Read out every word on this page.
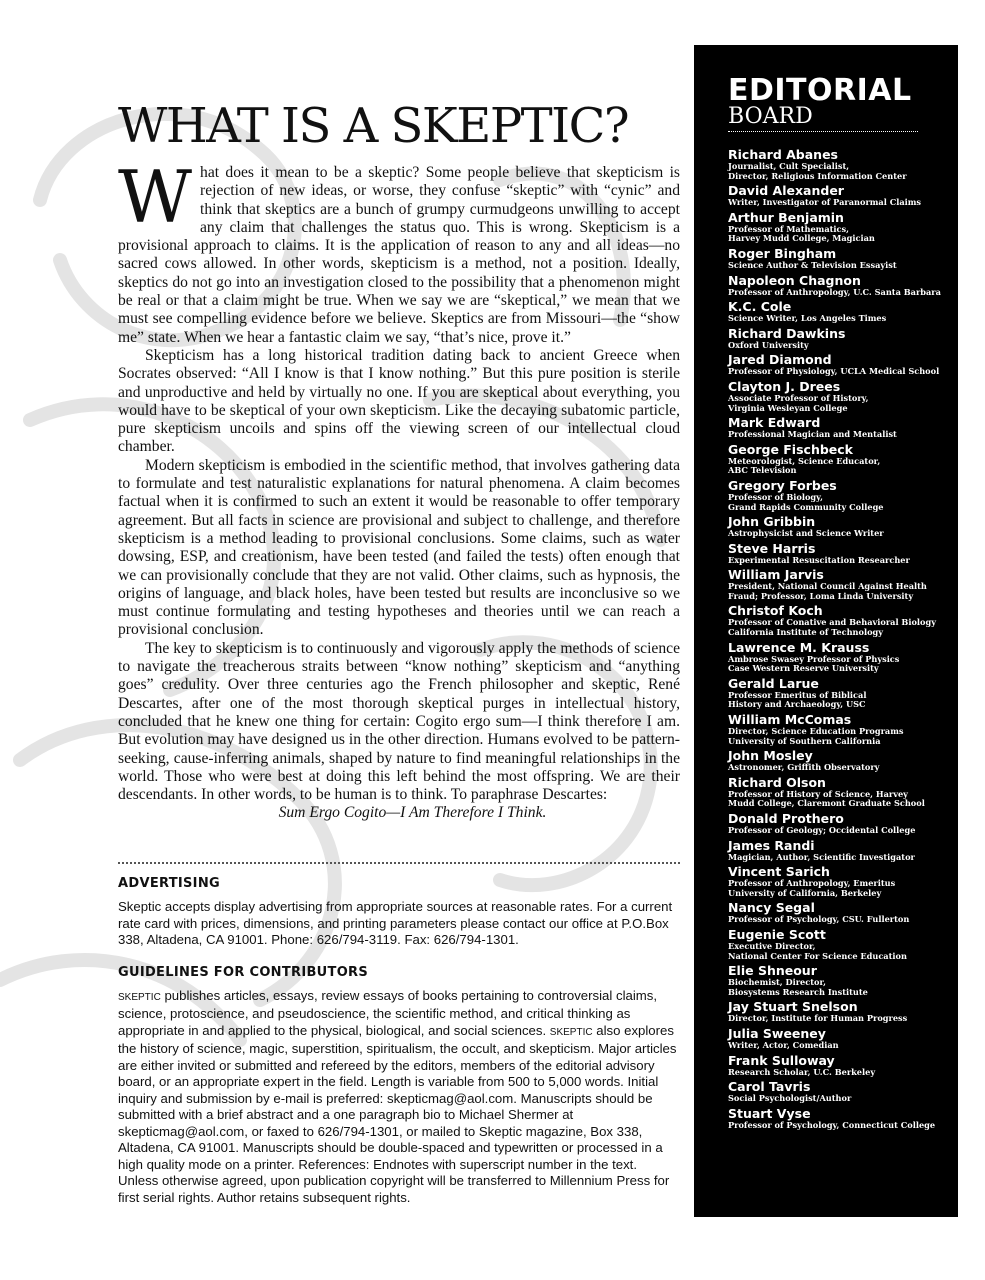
WHAT IS A SKEPTIC?

What does it mean to be a skeptic? Some people believe that skepticism is rejection of new ideas, or worse, they confuse “skeptic” with “cynic” and think that skeptics are a bunch of grumpy curmudgeons unwilling to accept any claim that challenges the status quo. This is wrong. Skepticism is a provisional approach to claims. It is the application of reason to any and all ideas—no sacred cows allowed. In other words, skepticism is a method, not a position. Ideally, skeptics do not go into an investigation closed to the possibility that a phenomenon might be real or that a claim might be true. When we say we are “skeptical,” we mean that we must see compelling evidence before we believe. Skeptics are from Missouri—the “show me” state. When we hear a fantastic claim we say, “that’s nice, prove it.”

Skepticism has a long historical tradition dating back to ancient Greece when Socrates observed: “All I know is that I know nothing.” But this pure position is sterile and unproductive and held by virtually no one. If you are skeptical about everything, you would have to be skeptical of your own skepticism. Like the decaying subatomic particle, pure skepticism uncoils and spins off the viewing screen of our intellectual cloud chamber.

Modern skepticism is embodied in the scientific method, that involves gathering data to formulate and test naturalistic explanations for natural phenomena. A claim becomes factual when it is confirmed to such an extent it would be reasonable to offer temporary agreement. But all facts in science are provisional and subject to challenge, and therefore skepticism is a method leading to provisional conclusions. Some claims, such as water dowsing, ESP, and creationism, have been tested (and failed the tests) often enough that we can provisionally conclude that they are not valid. Other claims, such as hypnosis, the origins of language, and black holes, have been tested but results are inconclusive so we must continue formulating and testing hypotheses and theories until we can reach a provisional conclusion.

The key to skepticism is to continuously and vigorously apply the methods of science to navigate the treacherous straits between “know nothing” skepticism and “anything goes” credulity. Over three centuries ago the French philosopher and skeptic, René Descartes, after one of the most thorough skeptical purges in intellectual history, concluded that he knew one thing for certain: Cogito ergo sum—I think therefore I am. But evolution may have designed us in the other direction. Humans evolved to be pattern-seeking, cause-inferring animals, shaped by nature to find meaningful relationships in the world. Those who were best at doing this left behind the most offspring. We are their descendants. In other words, to be human is to think. To paraphrase Descartes:

Sum Ergo Cogito—I Am Therefore I Think.

ADVERTISING

Skeptic accepts display advertising from appropriate sources at reasonable rates. For a current rate card with prices, dimensions, and printing parameters please contact our office at P.O.Box 338, Altadena, CA 91001. Phone: 626/794-3119. Fax: 626/794-1301.

GUIDELINES FOR CONTRIBUTORS

SKEPTIC publishes articles, essays, review essays of books pertaining to controversial claims, science, protoscience, and pseudoscience, the scientific method, and critical thinking as appropriate in and applied to the physical, biological, and social sciences. SKEPTIC also explores the history of science, magic, superstition, spiritualism, the occult, and skepticism. Major articles are either invited or submitted and refereed by the editors, members of the editorial advisory board, or an appropriate expert in the field. Length is variable from 500 to 5,000 words. Initial inquiry and submission by e-mail is preferred: skepticmag@aol.com. Manuscripts should be submitted with a brief abstract and a one paragraph bio to Michael Shermer at skepticmag@aol.com, or faxed to 626/794-1301, or mailed to Skeptic magazine, Box 338, Altadena, CA 91001. Manuscripts should be double-spaced and typewritten or processed in a high quality mode on a printer. References: Endnotes with superscript number in the text. Unless otherwise agreed, upon publication copyright will be transferred to Millennium Press for first serial rights. Author retains subsequent rights.

EDITORIAL
BOARD
Richard Abanes
Journalist, Cult Specialist,
Director, Religious Information Center
David Alexander
Writer, Investigator of Paranormal Claims
Arthur Benjamin
Professor of Mathematics,
Harvey Mudd College, Magician
Roger Bingham
Science Author & Television Essayist
Napoleon Chagnon
Professor of Anthropology, U.C. Santa Barbara
K.C. Cole
Science Writer, Los Angeles Times
Richard Dawkins
Oxford University
Jared Diamond
Professor of Physiology, UCLA Medical School
Clayton J. Drees
Associate Professor of History,
Virginia Wesleyan College
Mark Edward
Professional Magician and Mentalist
George Fischbeck
Meteorologist, Science Educator,
ABC Television
Gregory Forbes
Professor of Biology,
Grand Rapids Community College
John Gribbin
Astrophysicist and Science Writer
Steve Harris
Experimental Resuscitation Researcher
William Jarvis
President, National Council Against Health
Fraud; Professor, Loma Linda University
Christof Koch
Professor of Conative and Behavioral Biology
California Institute of Technology
Lawrence M. Krauss
Ambrose Swasey Professor of Physics
Case Western Reserve University
Gerald Larue
Professor Emeritus of Biblical
History and Archaeology, USC
William McComas
Director, Science Education Programs
University of Southern California
John Mosley
Astronomer, Griffith Observatory
Richard Olson
Professor of History of Science, Harvey
Mudd College, Claremont Graduate School
Donald Prothero
Professor of Geology; Occidental College
James Randi
Magician, Author, Scientific Investigator
Vincent Sarich
Professor of Anthropology, Emeritus
University of California, Berkeley
Nancy Segal
Professor of Psychology, CSU. Fullerton
Eugenie Scott
Executive Director,
National Center For Science Education
Elie Shneour
Biochemist, Director,
Biosystems Research Institute
Jay Stuart Snelson
Director, Institute for Human Progress
Julia Sweeney
Writer, Actor, Comedian
Frank Sulloway
Research Scholar, U.C. Berkeley
Carol Tavris
Social Psychologist/Author
Stuart Vyse
Professor of Psychology, Connecticut College
